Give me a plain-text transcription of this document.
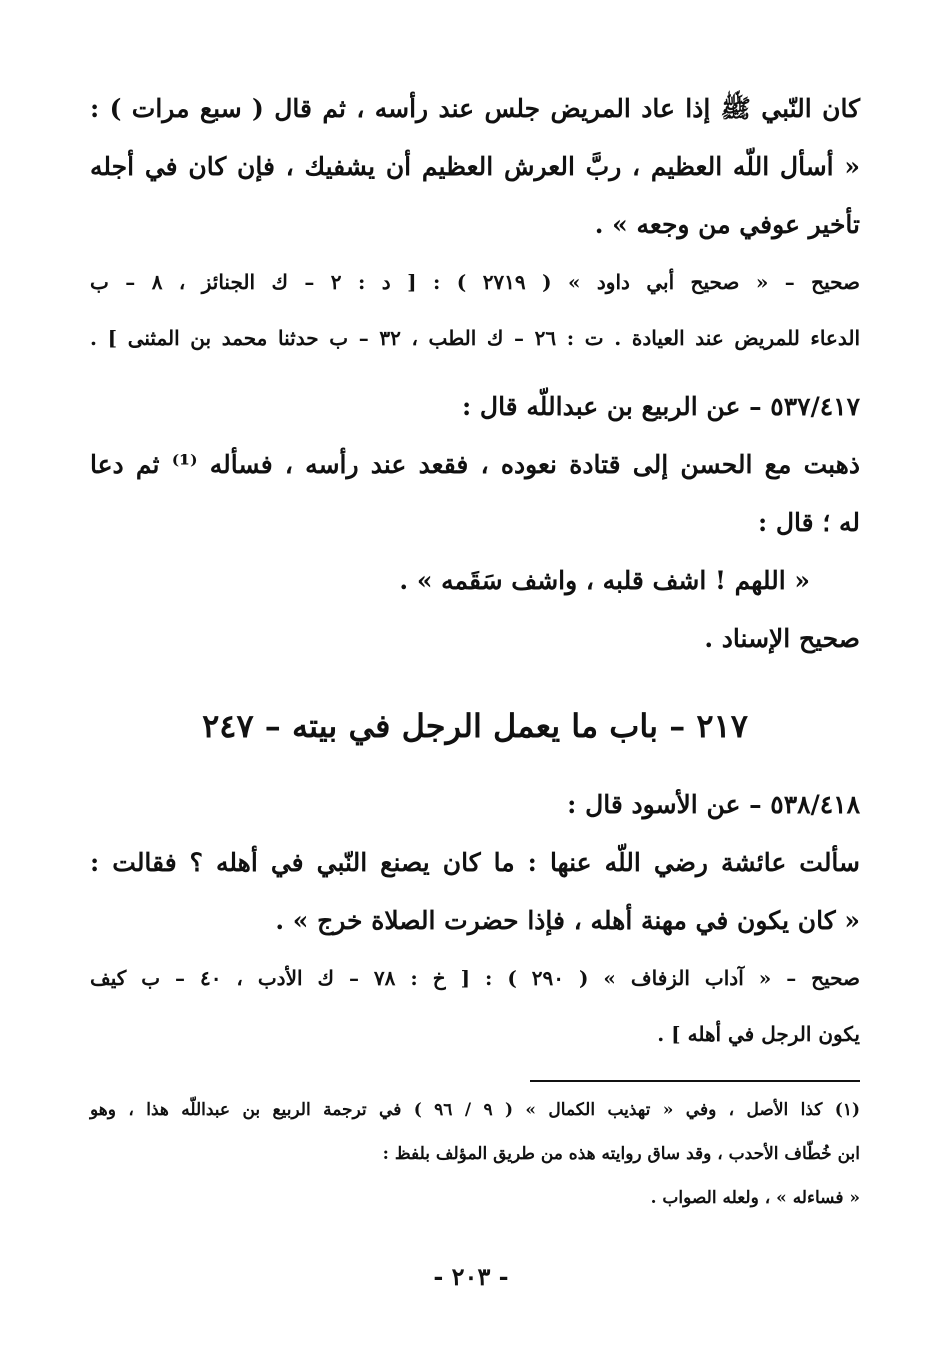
كان النّبي ﷺ إذا عاد المريض جلس عند رأسه ، ثم قال ( سبع مرات ) :
« أسأل اللّه العظيم ، ربَّ العرش العظيم أن يشفيك ، فإن كان في أجله
تأخير عوفي من وجعه » .
صحيح – « صحيح أبي داود » ( ٢٧١٩ ) : [ د : ٢ – ك الجنائز ، ٨ – ب
الدعاء للمريض عند العيادة . ت : ٢٦ – ك الطب ، ٣٢ – ب حدثنا محمد بن المثنى ] .
٥٣٧/٤١٧ – عن الربيع بن عبداللّه قال :
ذهبت مع الحسن إلى قتادة نعوده ، فقعد عند رأسه ، فسأله ⁽¹⁾ ثم دعا
له ؛ قال :
« اللهم ! اشف قلبه ، واشف سَقَمه » .
صحيح الإسناد .
٢١٧ – باب ما يعمل الرجل في بيته – ٢٤٧
٥٣٨/٤١٨ – عن الأسود قال :
سألت عائشة رضي اللّه عنها : ما كان يصنع النّبي في أهله ؟ فقالت :
« كان يكون في مهنة أهله ، فإذا حضرت الصلاة خرج » .
صحيح – « آداب الزفاف » ( ٢٩٠ ) : [ خ : ٧٨ – ك الأدب ، ٤٠ – ب كيف
يكون الرجل في أهله ] .
(١) كذا الأصل ، وفي « تهذيب الكمال » ( ٩ / ٩٦ ) في ترجمة الربيع بن عبداللّه هذا ، وهو
ابن خُطّاف الأحدب ، وقد ساق روايته هذه من طريق المؤلف بلفظ :
« فساءله » ، ولعله الصواب .
- ٢٠٣ -
